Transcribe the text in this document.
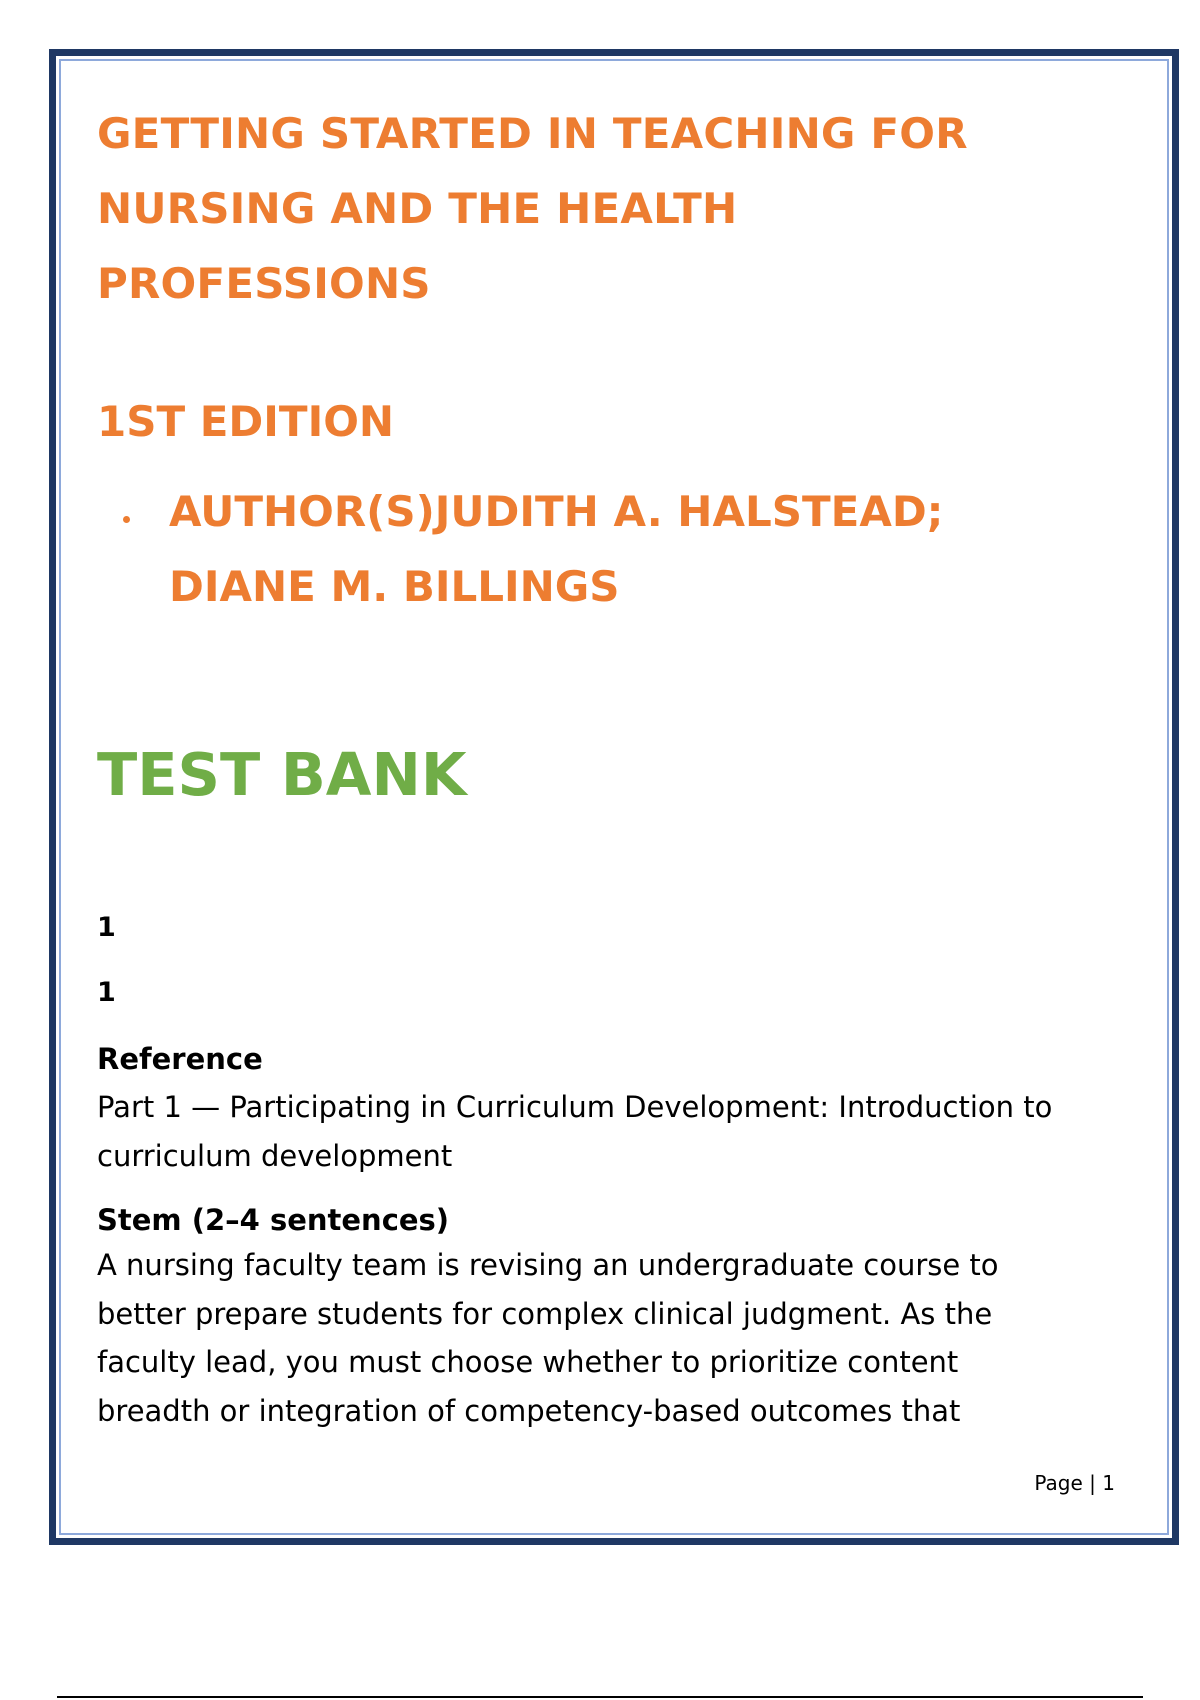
GETTING STARTED IN TEACHING FOR NURSING AND THE HEALTH PROFESSIONS
1ST EDITION
AUTHOR(S)JUDITH A. HALSTEAD; DIANE M. BILLINGS
TEST BANK

1

1

Reference

Part 1 — Participating in Curriculum Development: Introduction to curriculum development

Stem (2–4 sentences)

A nursing faculty team is revising an undergraduate course to better prepare students for complex clinical judgment. As the faculty lead, you must choose whether to prioritize content breadth or integration of competency-based outcomes that

Page | 1
